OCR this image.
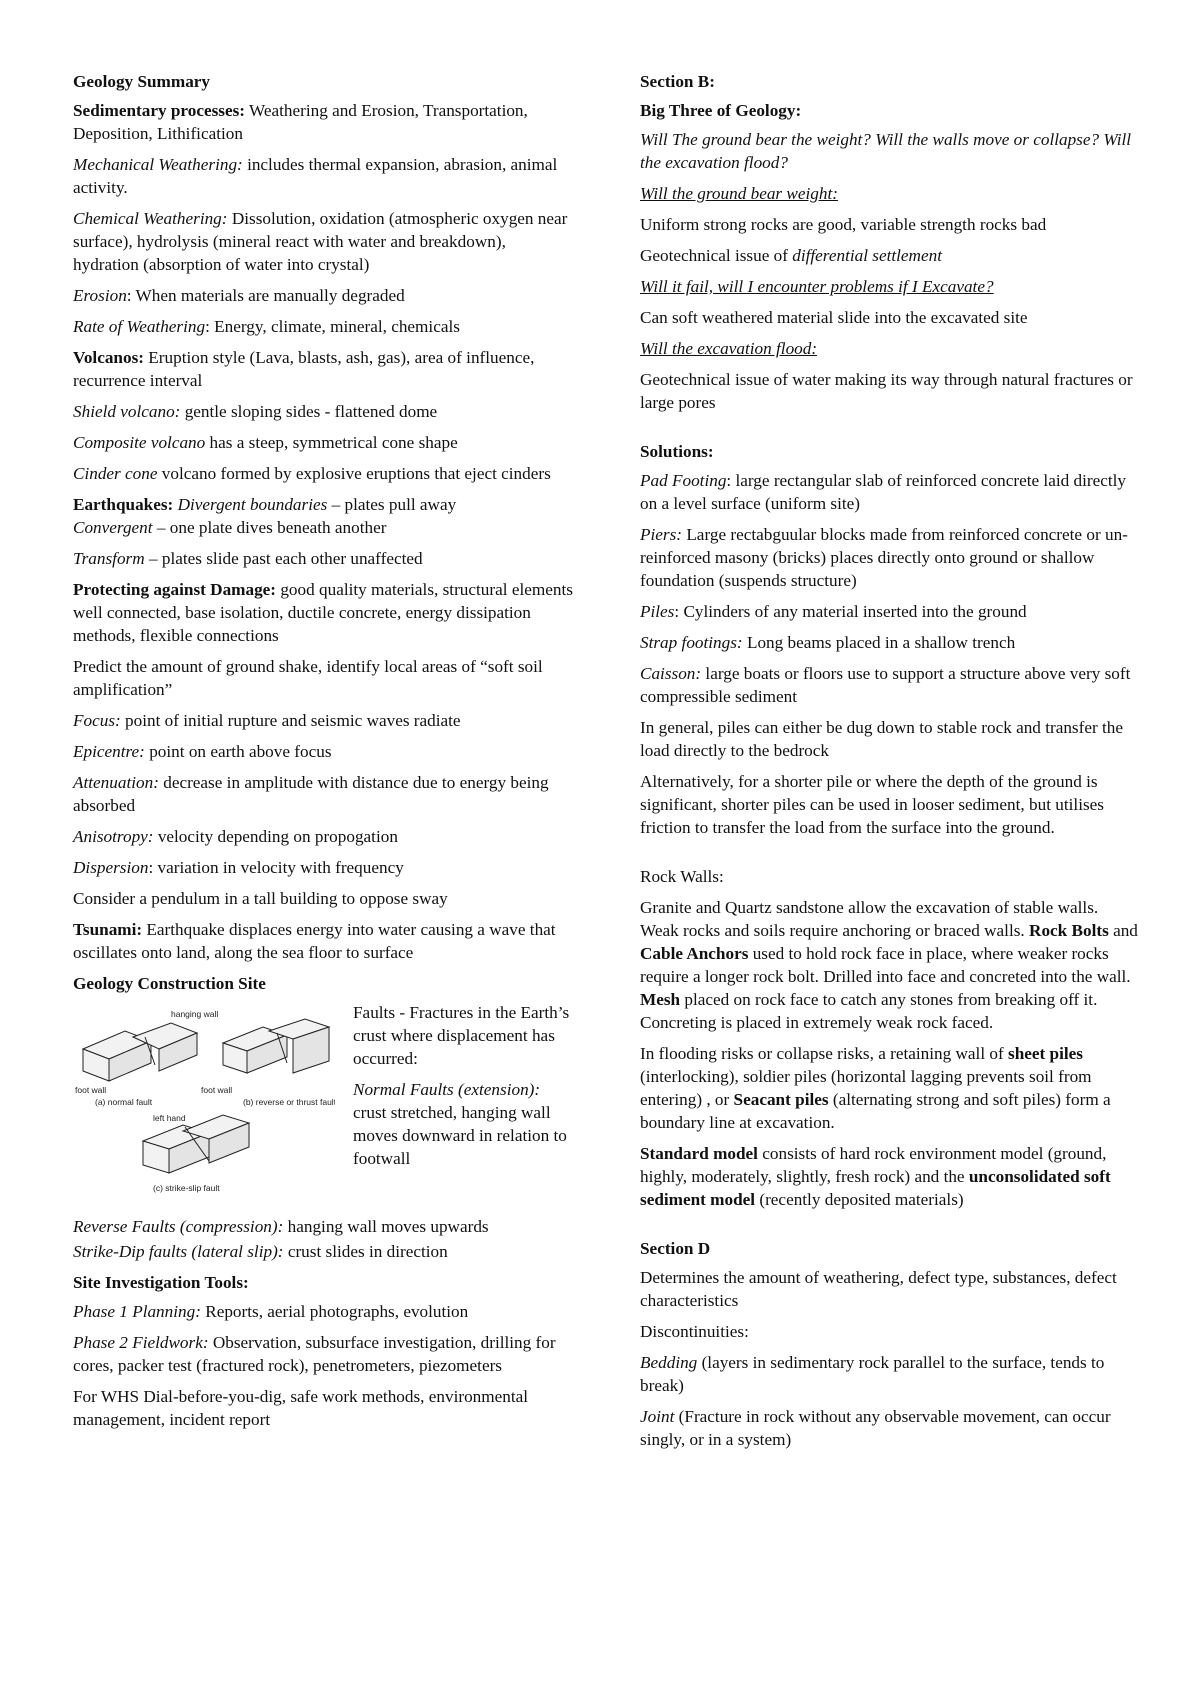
Geology Summary

Sedimentary processes: Weathering and Erosion, Transportation, Deposition, Lithification

Mechanical Weathering: includes thermal expansion, abrasion, animal activity.

Chemical Weathering: Dissolution, oxidation (atmospheric oxygen near surface), hydrolysis (mineral react with water and breakdown), hydration (absorption of water into crystal)

Erosion: When materials are manually degraded

Rate of Weathering: Energy, climate, mineral, chemicals

Volcanos: Eruption style (Lava, blasts, ash, gas), area of influence, recurrence interval

Shield volcano: gentle sloping sides - flattened dome

Composite volcano has a steep, symmetrical cone shape

Cinder cone volcano formed by explosive eruptions that eject cinders

Earthquakes: Divergent boundaries – plates pull away

Convergent – one plate dives beneath another

Transform – plates slide past each other unaffected

Protecting against Damage: good quality materials, structural elements well connected, base isolation, ductile concrete, energy dissipation methods, flexible connections

Predict the amount of ground shake, identify local areas of “soft soil amplification”

Focus: point of initial rupture and seismic waves radiate

Epicentre: point on earth above focus

Attenuation: decrease in amplitude with distance due to energy being absorbed

Anisotropy: velocity depending on propogation

Dispersion: variation in velocity with frequency

Consider a pendulum in a tall building to oppose sway

Tsunami: Earthquake displaces energy into water causing a wave that oscillates onto land, along the sea floor to surface

Geology Construction Site

hanging wall
foot wall
(a) normal fault
foot wall
(b) reverse or thrust fault
left hand
(c) strike-slip fault

Faults - Fractures in the Earth’s crust where displacement has occurred:

Normal Faults (extension): crust stretched, hanging wall moves downward in relation to footwall

Reverse Faults (compression): hanging wall moves upwards

Strike-Dip faults (lateral slip): crust slides in direction

Site Investigation Tools:

Phase 1 Planning: Reports, aerial photographs, evolution

Phase 2 Fieldwork: Observation, subsurface investigation, drilling for cores, packer test (fractured rock), penetrometers, piezometers

For WHS Dial-before-you-dig, safe work methods, environmental management, incident report

Section B:

Big Three of Geology:

Will The ground bear the weight? Will the walls move or collapse? Will the excavation flood?

Will the ground bear weight:

Uniform strong rocks are good, variable strength rocks bad

Geotechnical issue of differential settlement

Will it fail, will I encounter problems if I Excavate?

Can soft weathered material slide into the excavated site

Will the excavation flood:

Geotechnical issue of water making its way through natural fractures or large pores

Solutions:

Pad Footing: large rectangular slab of reinforced concrete laid directly on a level surface (uniform site)

Piers: Large rectabguular blocks made from reinforced concrete or un-reinforced masony (bricks) places directly onto ground or shallow foundation (suspends structure)

Piles: Cylinders of any material inserted into the ground

Strap footings: Long beams placed in a shallow trench

Caisson: large boats or floors use to support a structure above very soft compressible sediment

In general, piles can either be dug down to stable rock and transfer the load directly to the bedrock

Alternatively, for a shorter pile or where the depth of the ground is significant, shorter piles can be used in looser sediment, but utilises friction to transfer the load from the surface into the ground.

Rock Walls:

Granite and Quartz sandstone allow the excavation of stable walls. Weak rocks and soils require anchoring or braced walls. Rock Bolts and Cable Anchors used to hold rock face in place, where weaker rocks require a longer rock bolt. Drilled into face and concreted into the wall. Mesh placed on rock face to catch any stones from breaking off it. Concreting is placed in extremely weak rock faced.

In flooding risks or collapse risks, a retaining wall of sheet piles (interlocking), soldier piles (horizontal lagging prevents soil from entering) , or Seacant piles (alternating strong and soft piles) form a boundary line at excavation.

Standard model consists of hard rock environment model (ground, highly, moderately, slightly, fresh rock) and the unconsolidated soft sediment model (recently deposited materials)

Section D

Determines the amount of weathering, defect type, substances, defect characteristics

Discontinuities:

Bedding (layers in sedimentary rock parallel to the surface, tends to break)

Joint (Fracture in rock without any observable movement, can occur singly, or in a system)
